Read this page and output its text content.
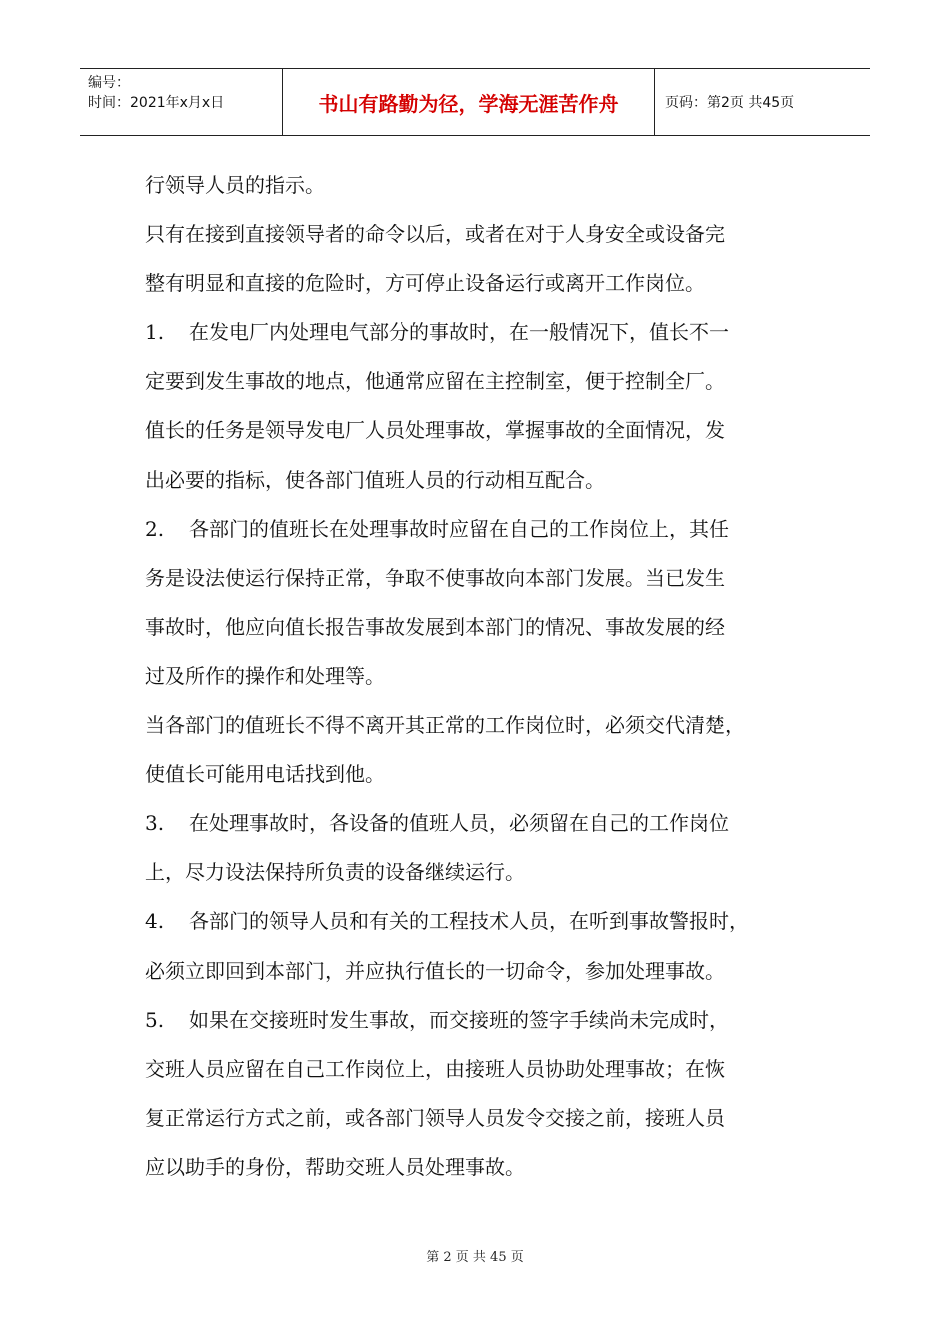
编号：
时间：2021年x月x日	书山有路勤为径，学海无涯苦作舟	页码：第2页 共45页

行领导人员的指示。

只有在接到直接领导者的命令以后，或者在对于人身安全或设备完

整有明显和直接的危险时，方可停止设备运行或离开工作岗位。

1. 在发电厂内处理电气部分的事故时，在一般情况下，值长不一

定要到发生事故的地点，他通常应留在主控制室，便于控制全厂。

值长的任务是领导发电厂人员处理事故，掌握事故的全面情况，发

出必要的指标，使各部门值班人员的行动相互配合。

2. 各部门的值班长在处理事故时应留在自己的工作岗位上，其任

务是设法使运行保持正常，争取不使事故向本部门发展。当已发生

事故时，他应向值长报告事故发展到本部门的情况、事故发展的经

过及所作的操作和处理等。

当各部门的值班长不得不离开其正常的工作岗位时，必须交代清楚，

使值长可能用电话找到他。

3. 在处理事故时，各设备的值班人员，必须留在自己的工作岗位

上，尽力设法保持所负责的设备继续运行。

4. 各部门的领导人员和有关的工程技术人员，在听到事故警报时，

必须立即回到本部门，并应执行值长的一切命令，参加处理事故。

5. 如果在交接班时发生事故，而交接班的签字手续尚未完成时，

交班人员应留在自己工作岗位上，由接班人员协助处理事故；在恢

复正常运行方式之前，或各部门领导人员发令交接之前，接班人员

应以助手的身份，帮助交班人员处理事故。

第 2 页 共 45 页
